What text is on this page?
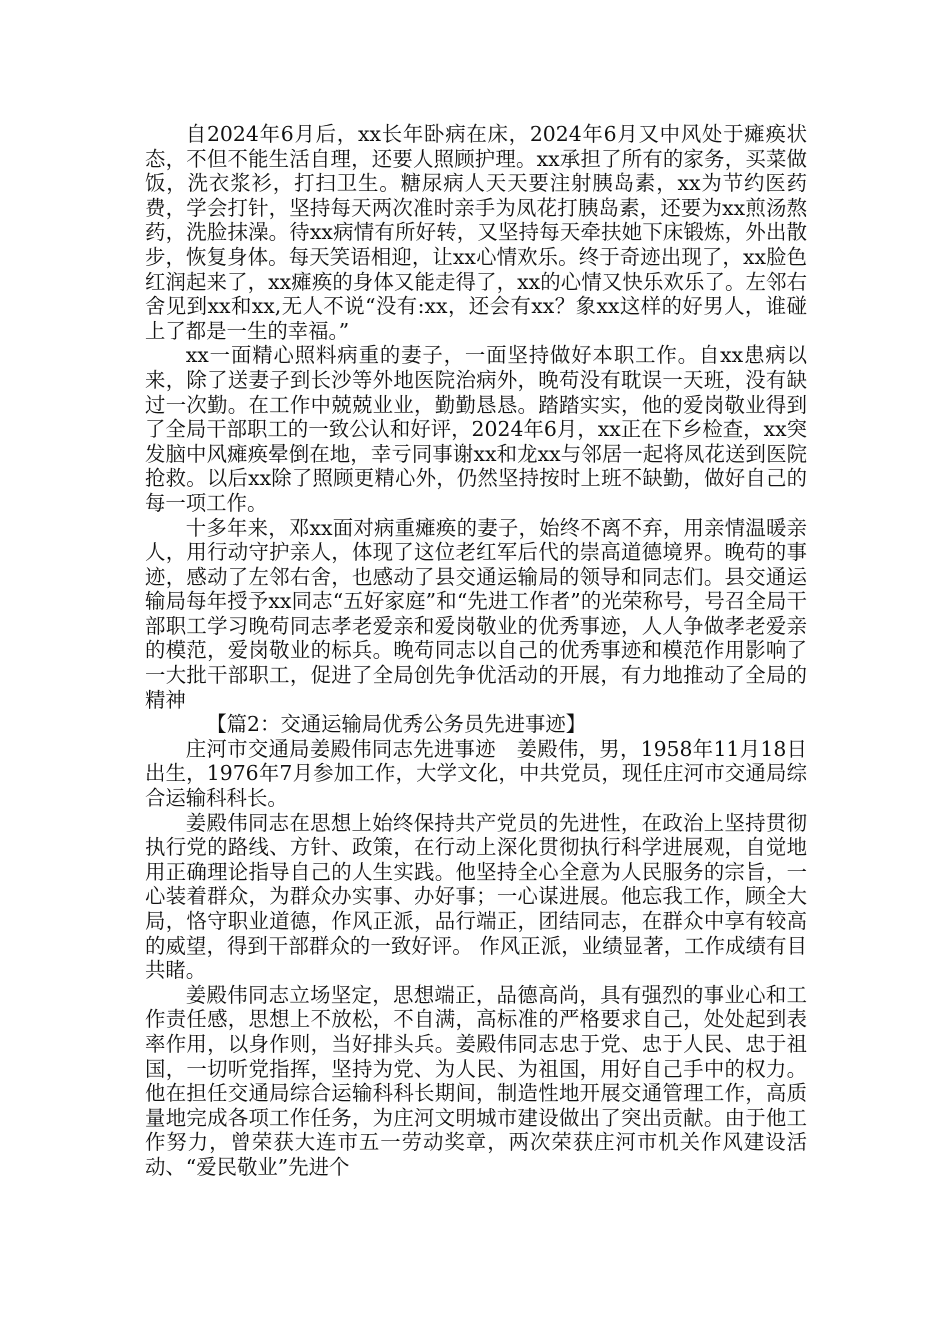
自2024年6月后，xx长年卧病在床，2024年6月又中风处于瘫痪状态，不但不能生活自理，还要人照顾护理。xx承担了所有的家务，买菜做饭，洗衣浆衫，打扫卫生。糖尿病人天天要注射胰岛素，xx为节约医药费，学会打针，坚持每天两次准时亲手为凤花打胰岛素，还要为xx煎汤熬药，洗脸抹澡。待xx病情有所好转，又坚持每天牵扶她下床锻炼，外出散步，恢复身体。每天笑语相迎，让xx心情欢乐。终于奇迹出现了，xx脸色红润起来了，xx瘫痪的身体又能走得了，xx的心情又快乐欢乐了。左邻右舍见到xx和xx,无人不说“没有:xx，还会有xx？象xx这样的好男人，谁碰上了都是一生的幸福。”

xx一面精心照料病重的妻子，一面坚持做好本职工作。自xx患病以来，除了送妻子到长沙等外地医院治病外，晚苟没有耽误一天班，没有缺过一次勤。在工作中兢兢业业，勤勤恳恳。踏踏实实，他的爱岗敬业得到了全局干部职工的一致公认和好评，2024年6月，xx正在下乡检查，xx突发脑中风瘫痪晕倒在地，幸亏同事谢xx和龙xx与邻居一起将凤花送到医院抢救。以后xx除了照顾更精心外，仍然坚持按时上班不缺勤，做好自己的每一项工作。

十多年来，邓xx面对病重瘫痪的妻子，始终不离不弃，用亲情温暖亲人，用行动守护亲人，体现了这位老红军后代的崇高道德境界。晚苟的事迹，感动了左邻右舍，也感动了县交通运输局的领导和同志们。县交通运输局每年授予xx同志“五好家庭”和“先进工作者”的光荣称号，号召全局干部职工学习晚苟同志孝老爱亲和爱岗敬业的优秀事迹，人人争做孝老爱亲的模范，爱岗敬业的标兵。晚苟同志以自己的优秀事迹和模范作用影响了一大批干部职工，促进了全局创先争优活动的开展，有力地推动了全局的精神

【篇2：交通运输局优秀公务员先进事迹】

庄河市交通局姜殿伟同志先进事迹　姜殿伟，男，1958年11月18日出生，1976年7月参加工作，大学文化，中共党员，现任庄河市交通局综合运输科科长。

姜殿伟同志在思想上始终保持共产党员的先进性，在政治上坚持贯彻执行党的路线、方针、政策，在行动上深化贯彻执行科学进展观，自觉地用正确理论指导自己的人生实践。他坚持全心全意为人民服务的宗旨，一心装着群众，为群众办实事、办好事；一心谋进展。他忘我工作，顾全大局，恪守职业道德，作风正派，品行端正，团结同志，在群众中享有较高的威望，得到干部群众的一致好评。 作风正派，业绩显著，工作成绩有目共睹。

姜殿伟同志立场坚定，思想端正，品德高尚，具有强烈的事业心和工作责任感，思想上不放松，不自满，高标准的严格要求自己，处处起到表率作用，以身作则，当好排头兵。姜殿伟同志忠于党、忠于人民、忠于祖国，一切听党指挥，坚持为党、为人民、为祖国，用好自己手中的权力。他在担任交通局综合运输科科长期间，制造性地开展交通管理工作，高质量地完成各项工作任务，为庄河文明城市建设做出了突出贡献。由于他工作努力，曾荣获大连市五一劳动奖章，两次荣获庄河市机关作风建设活动、“爱民敬业”先进个
